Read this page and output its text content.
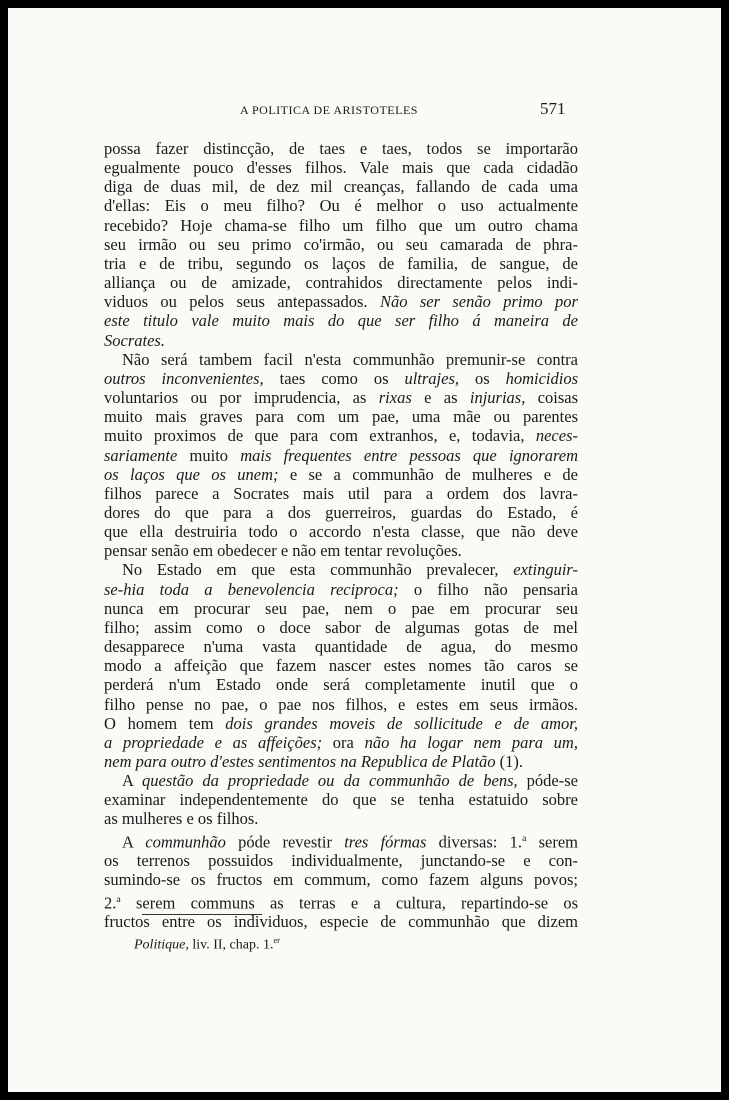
A POLITICA DE ARISTOTELES	571

possa fazer distincção, de taes e taes, todos se importarão
egualmente pouco d'esses filhos. Vale mais que cada cidadão
diga de duas mil, de dez mil creanças, fallando de cada uma
d'ellas: Eis o meu filho? Ou é melhor o uso actualmente
recebido? Hoje chama-se filho um filho que um outro chama
seu irmão ou seu primo co'irmão, ou seu camarada de phra-
tria e de tribu, segundo os laços de familia, de sangue, de
alliança ou de amizade, contrahidos directamente pelos indi-
viduos ou pelos seus antepassados. Não ser senão primo por
este titulo vale muito mais do que ser filho á maneira de
Socrates.

Não será tambem facil n'esta communhão premunir-se contra
outros inconvenientes, taes como os ultrajes, os homicidios
voluntarios ou por imprudencia, as rixas e as injurias, coisas
muito mais graves para com um pae, uma mãe ou parentes
muito proximos de que para com extranhos, e, todavia, neces-
sariamente muito mais frequentes entre pessoas que ignorarem
os laços que os unem; e se a communhão de mulheres e de
filhos parece a Socrates mais util para a ordem dos lavra-
dores do que para a dos guerreiros, guardas do Estado, é
que ella destruiria todo o accordo n'esta classe, que não deve
pensar senão em obedecer e não em tentar revoluções.

No Estado em que esta communhão prevalecer, extinguir-
se-hia toda a benevolencia reciproca; o filho não pensaria
nunca em procurar seu pae, nem o pae em procurar seu
filho; assim como o doce sabor de algumas gotas de mel
desapparece n'uma vasta quantidade de agua, do mesmo
modo a affeição que fazem nascer estes nomes tão caros se
perderá n'um Estado onde será completamente inutil que o
filho pense no pae, o pae nos filhos, e estes em seus irmãos.
O homem tem dois grandes moveis de sollicitude e de amor,
a propriedade e as affeições; ora não ha logar nem para um,
nem para outro d'estes sentimentos na Republica de Platão (1).

A questão da propriedade ou da communhão de bens, póde-se
examinar independentemente do que se tenha estatuido sobre
as mulheres e os filhos.

A communhão póde revestir tres fórmas diversas: 1.$^a$ serem
os terrenos possuidos individualmente, junctando-se e con-
sumindo-se os fructos em commum, como fazem alguns povos;
2.$^a$ serem communs as terras e a cultura, repartindo-se os
fructos entre os individuos, especie de communhão que dizem

Politique, liv. II, chap. 1.$^{er}$
